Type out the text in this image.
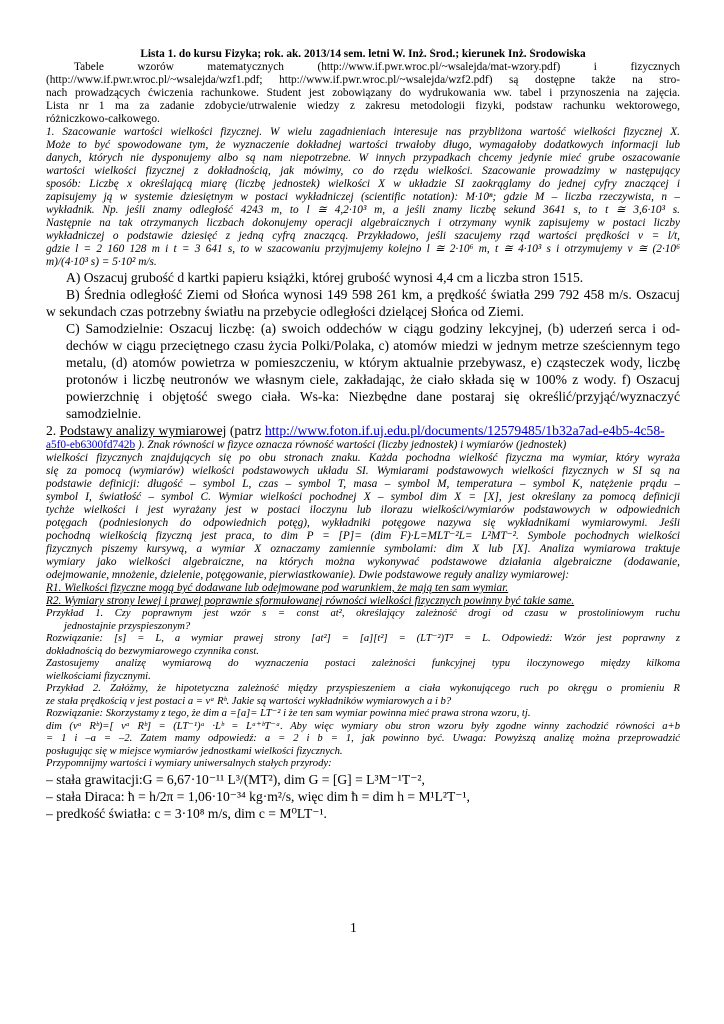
Lista 1. do kursu Fizyka; rok. ak. 2013/14 sem. letni W. Inż. Środ.; kierunek Inż. Środowiska
Tabele wzorów matematycznych (http://www.if.pwr.wroc.pl/~wsalejda/mat-wzory.pdf) i fizycznych
(http://www.if.pwr.wroc.pl/~wsalejda/wzf1.pdf; http://www.if.pwr.wroc.pl/~wsalejda/wzf2.pdf) są dostępne także na stro-
nach prowadzących ćwiczenia rachunkowe. Student jest zobowiązany do wydrukowania ww. tabel i przynoszenia na zajęcia.
Lista nr 1 ma za zadanie zdobycie/utrwalenie wiedzy z zakresu metodologii fizyki, podstaw rachunku wektorowego,
różniczkowo-całkowego.
1. Szacowanie wartości wielkości fizycznej. W wielu zagadnieniach interesuje nas przybliżona wartość wielkości fizycznej X.
Może to być spowodowane tym, że wyznaczenie dokładnej wartości trwałoby długo, wymagałoby dodatkowych informacji lub
danych, których nie dysponujemy albo są nam niepotrzebne. W innych przypadkach chcemy jedynie mieć grube oszacowanie
wartości wielkości fizycznej z dokładnością, jak mówimy, co do rzędu wielkości. Szacowanie prowadzimy w następujący
sposób: Liczbę x określającą miarę (liczbę jednostek) wielkości X w układzie SI zaokrąglamy do jednej cyfry znaczącej i
zapisujemy ją w systemie dziesiętnym w postaci wykładniczej (scientific notation): M·10ⁿ; gdzie M – liczba rzeczywista, n –
wykładnik. Np. jeśli znamy odległość 4243 m, to l ≅ 4,2·10³ m, a jeśli znamy liczbę sekund 3641 s, to t ≅ 3,6·10³ s.
Następnie na tak otrzymanych liczbach dokonujemy operacji algebraicznych i otrzymany wynik zapisujemy w postaci liczby
wykładniczej o podstawie dziesięć z jedną cyfrą znaczącą. Przykładowo, jeśli szacujemy rząd wartości prędkości v = l/t,
gdzie l = 2 160 128 m i t = 3 641 s, to w szacowaniu przyjmujemy kolejno l ≅ 2·10⁶ m, t ≅ 4·10³ s i otrzymujemy v ≅ (2·10⁶
m)/(4·10³ s) = 5·10² m/s.
A) Oszacuj grubość d kartki papieru książki, której grubość wynosi 4,4 cm a liczba stron 1515.
B) Średnia odległość Ziemi od Słońca wynosi 149 598 261 km, a prędkość światła 299 792 458 m/s. Oszacuj
w sekundach czas potrzebny światłu na przebycie odległości dzielącej Słońca od Ziemi.
C) Samodzielnie: Oszacuj liczbę: (a) swoich oddechów w ciągu godziny lekcyjnej, (b) uderzeń serca i od-
dechów w ciągu przeciętnego czasu życia Polki/Polaka, c) atomów miedzi w jednym metrze sześciennym tego
metalu, (d) atomów powietrza w pomieszczeniu, w którym aktualnie przebywasz, e) cząsteczek wody, liczbę
protonów i liczbę neutronów we własnym ciele, zakładając, że ciało składa się w 100% z wody. f) Oszacuj
powierzchnię i objętość swego ciała. Ws-ka: Niezbędne dane postaraj się określić/przyjąć/wyznaczyć
samodzielnie.
2. Podstawy analizy wymiarowej (patrz http://www.foton.if.uj.edu.pl/documents/12579485/1b32a7ad-e4b5-4c58-
a5f0-eb6300fd742b ). Znak równości w fizyce oznacza równość wartości (liczby jednostek) i wymiarów (jednostek)
wielkości fizycznych znajdujących się po obu stronach znaku. Każda pochodna wielkość fizyczna ma wymiar, który wyraża
się za pomocą (wymiarów) wielkości podstawowych układu SI. Wymiarami podstawowych wielkości fizycznych w SI są na
podstawie definicji: długość – symbol L, czas – symbol T, masa – symbol M, temperatura – symbol K, natężenie prądu –
symbol I, światłość – symbol C. Wymiar wielkości pochodnej X – symbol dim X = [X], jest określany za pomocą definicji
tychże wielkości i jest wyrażany jest w postaci iloczynu lub ilorazu wielkości/wymiarów podstawowych w odpowiednich
potęgach (podniesionych do odpowiednich potęg), wykładniki potęgowe nazywa się wykładnikami wymiarowymi. Jeśli
pochodną wielkością fizyczną jest praca, to dim P = [P]= (dim F)·L=MLT⁻²L= L²MT⁻². Symbole pochodnych wielkości
fizycznych piszemy kursywą, a wymiar X oznaczamy zamiennie symbolami: dim X lub [X]. Analiza wymiarowa traktuje
wymiary jako wielkości algebraiczne, na których można wykonywać podstawowe działania algebraiczne (dodawanie,
odejmowanie, mnożenie, dzielenie, potęgowanie, pierwiastkowanie). Dwie podstawowe reguły analizy wymiarowej:
R1. Wielkości fizyczne mogą być dodawane lub odejmowane pod warunkiem, że mają ten sam wymiar.
R2. Wymiary strony lewej i prawej poprawnie sformułowanej równości wielkości fizycznych powinny być takie same.
Przykład 1. Czy poprawnym jest wzór s = const at², określający zależność drogi od czasu w prostoliniowym ruchu
jednostajnie przyspieszonym?
Rozwiązanie: [s] = L, a wymiar prawej strony [at²] = [a][t²] = (LT⁻²)T² = L. Odpowiedź: Wzór jest poprawny z
dokładnością do bezwymiarowego czynnika const.
Zastosujemy analizę wymiarową do wyznaczenia postaci zależności funkcyjnej typu iloczynowego między kilkoma
wielkościami fizycznymi.
Przykład 2. Załóżmy, że hipotetyczna zależność między przyspieszeniem a ciała wykonującego ruch po okręgu o promieniu R
ze stała prędkością v jest postaci a = vᵃ Rᵇ. Jakie są wartości wykładników wymiarowych a i b?
Rozwiązanie: Skorzystamy z tego, że dim a =[a]= LT⁻² i że ten sam wymiar powinna mieć prawa strona wzoru, tj.
dim (vᵃ Rᵇ)=[ vᵃ Rᵇ] = (LT⁻¹)ᵃ ·Lᵇ = Lᵃ⁺ᵇT⁻ᵃ. Aby więc wymiary obu stron wzoru były zgodne winny zachodzić równości a+b
= 1 i –a = –2. Zatem mamy odpowiedź: a = 2 i b = 1, jak powinno być. Uwaga: Powyższą analizę można przeprowadzić
posługując się w miejsce wymiarów jednostkami wielkości fizycznych.
Przypomnijmy wartości i wymiary uniwersalnych stałych przyrody:
– stała grawitacji:G = 6,67·10⁻¹¹ L³/(MT²), dim G = [G] = L³M⁻¹T⁻²,
– stała Diraca: ħ = h/2π = 1,06·10⁻³⁴ kg·m²/s, więc dim ħ = dim h = M¹L²T⁻¹,
– predkość światła: c = 3·10⁸ m/s, dim c = M⁰LT⁻¹.
1
